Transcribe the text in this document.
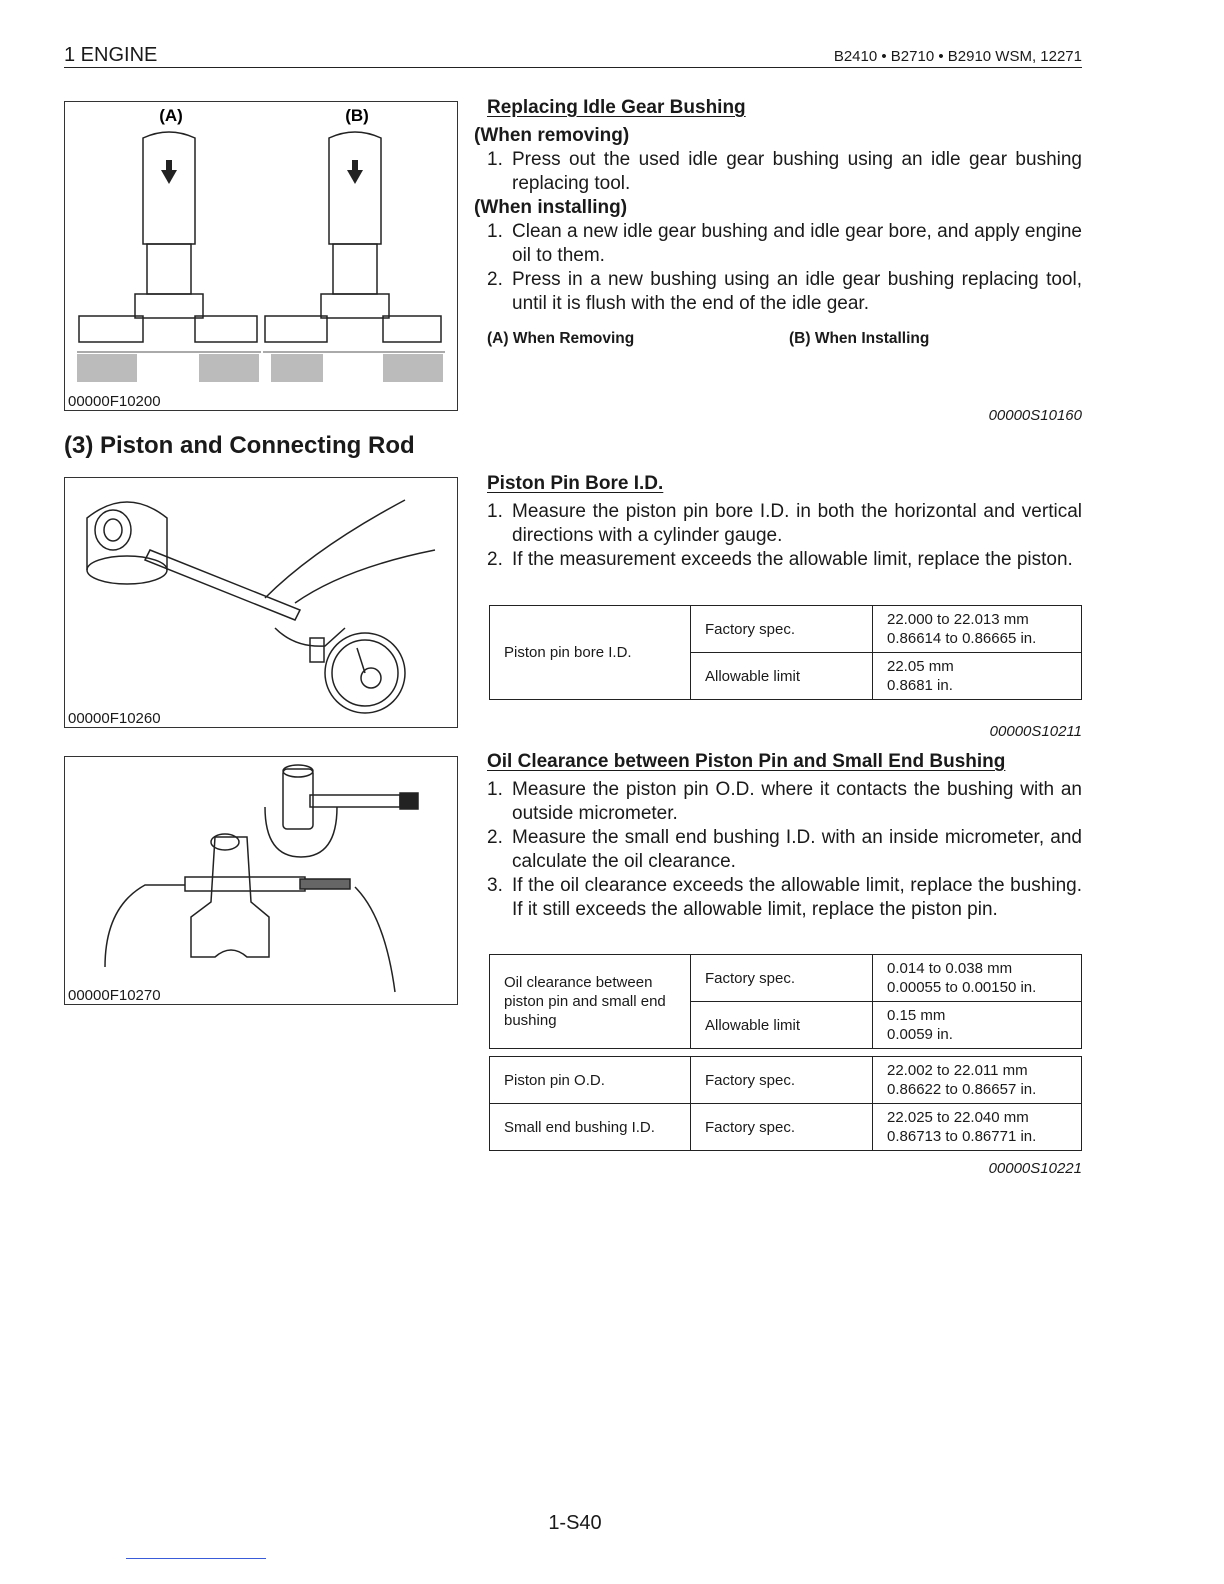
1 ENGINE	B2410 • B2710 • B2910 WSM, 12271
(A)	(B)
00000F10200
(3) Piston and Connecting Rod
00000F10260
00000F10270
Replacing Idle Gear Bushing
(When removing)
1. Press out the used idle gear bushing using an idle gear bushing replacing tool.
(When installing)
1. Clean a new idle gear bushing and idle gear bore, and apply engine oil to them.
2. Press in a new bushing using an idle gear bushing replacing tool, until it is flush with the end of the idle gear.
(A) When Removing	(B) When Installing
00000S10160
Piston Pin Bore I.D.
1. Measure the piston pin bore I.D. in both the horizontal and vertical directions with a cylinder gauge.
2. If the measurement exceeds the allowable limit, replace the piston.
Piston pin bore I.D.	Factory spec.	22.000 to 22.013 mm
0.86614 to 0.86665 in.

	Allowable limit	22.05 mm
0.8681 in.
00000S10211
Oil Clearance between Piston Pin and Small End Bushing
1. Measure the piston pin O.D. where it contacts the bushing with an outside micrometer.
2. Measure the small end bushing I.D. with an inside micrometer, and calculate the oil clearance.
3. If the oil clearance exceeds the allowable limit, replace the bushing. If it still exceeds the allowable limit, replace the piston pin.
Oil clearance between piston pin and small end bushing	Factory spec.	0.014 to 0.038 mm
0.00055 to 0.00150 in.

	Allowable limit	0.15 mm
0.0059 in.
Piston pin O.D.	Factory spec.	22.002 to 22.011 mm
0.86622 to 0.86657 in.

Small end bushing I.D.	Factory spec.	22.025 to 22.040 mm
0.86713 to 0.86771 in.
00000S10221
1-S40
